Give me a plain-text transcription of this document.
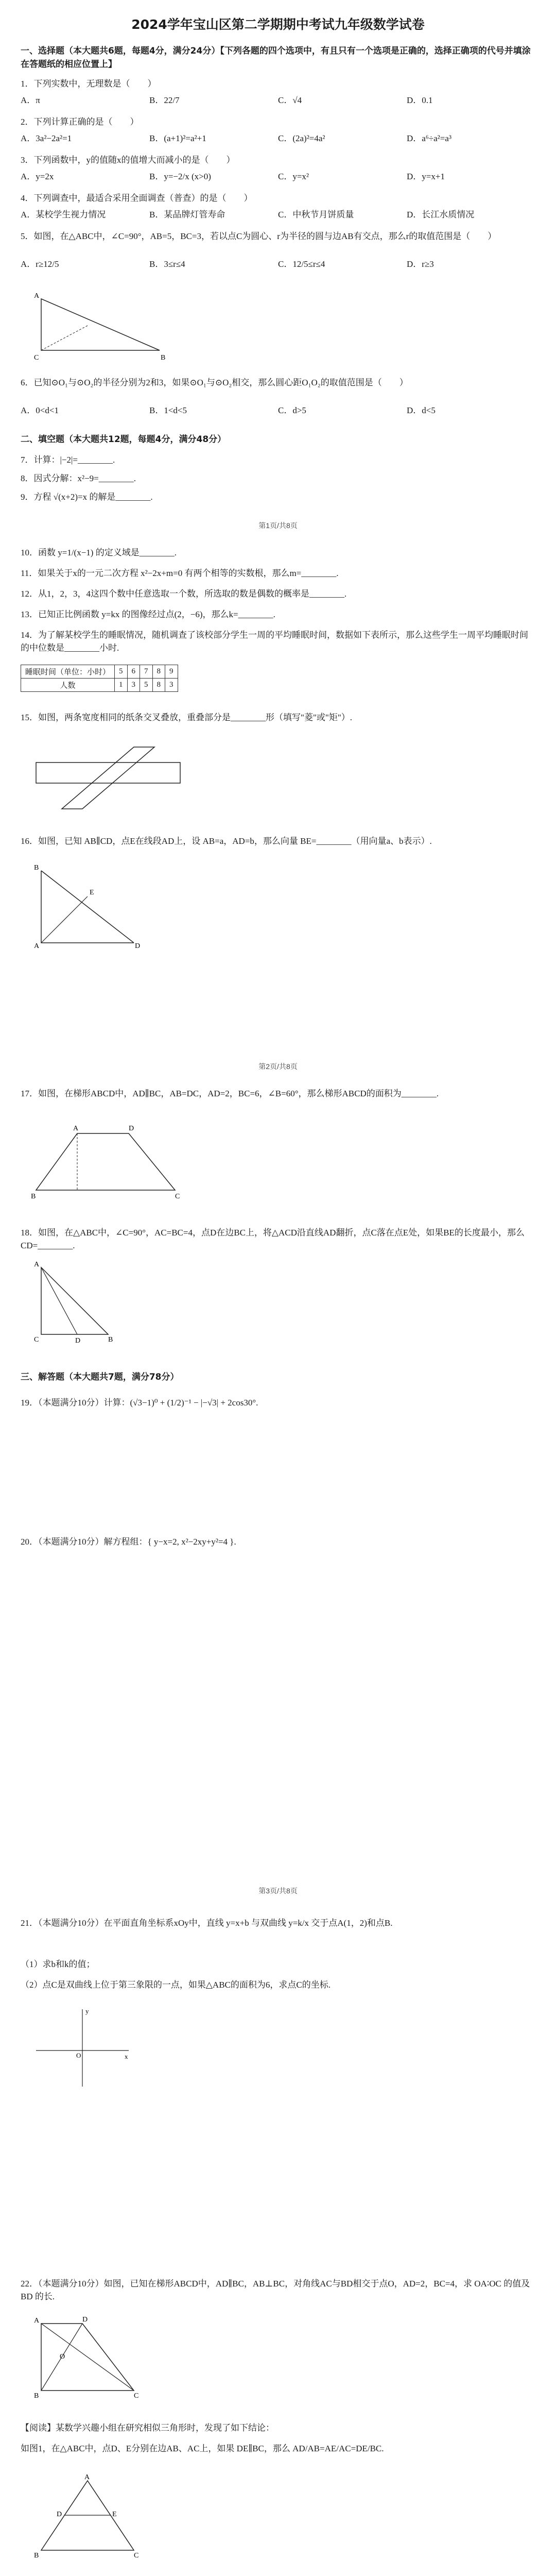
2024学年宝山区第二学期期中考试九年级数学试卷
一、选择题（本大题共6题，每题4分，满分24分）【下列各题的四个选项中，有且只有一个选项是正确的，选择正确项的代号并填涂在答题纸的相应位置上】
1．下列实数中，无理数是（　　）
A．π	B．22/7	C．√4	D．0.1
2．下列计算正确的是（　　）
A．3a²−2a²=1	B．(a+1)²=a²+1	C．(2a)²=4a²	D．a⁶÷a²=a³
3．下列函数中，y的值随x的值增大而减小的是（　　）
A．y=2x	B．y=−2/x (x>0)	C．y=x²	D．y=x+1
4．下列调查中，最适合采用全面调查（普查）的是（　　）
A．某校学生视力情况	B．某品牌灯管寿命	C．中秋节月饼质量	D．长江水质情况
5．如图，在△ABC中，∠C=90°，AB=5，BC=3，若以点C为圆心、r为半径的圆与边AB有交点，那么r的取值范围是（　　）
A．r≥12/5	B．3≤r≤4	C．12/5≤r≤4	D．r≥3
A
C	B
6．已知⊙O₁与⊙O₂的半径分别为2和3，如果⊙O₁与⊙O₂相交，那么圆心距O₁O₂的取值范围是（　　）
A．0<d<1	B．1<d<5	C．d>5	D．d<5
二、填空题（本大题共12题，每题4分，满分48分）
7．计算：|−2|=________.
8．因式分解：x²−9=________.
9．方程 √(x+2)=x 的解是________.
第1页/共8页
10．函数 y=1/(x−1) 的定义域是________.
11．如果关于x的一元二次方程 x²−2x+m=0 有两个相等的实数根，那么m=________.
12．从1，2，3，4这四个数中任意选取一个数，所选取的数是偶数的概率是________.
13．已知正比例函数 y=kx 的图像经过点(2，−6)，那么k=________.
14．为了解某校学生的睡眠情况，随机调查了该校部分学生一周的平均睡眠时间，数据如下表所示，那么这些学生一周平均睡眠时间的中位数是________小时.
睡眠时间（单位：小时）	5	6	7	8	9
人数	1	3	5	8	3
15．如图，两条宽度相同的纸条交叉叠放，重叠部分是________形（填写"菱"或"矩"）.
16．如图，已知 AB∥CD，点E在线段AD上，设 AB=a，AD=b，那么向量 BE=________（用向量a、b表示）.
B
A	D
E
第2页/共8页
17．如图，在梯形ABCD中，AD∥BC，AB=DC，AD=2，BC=6，∠B=60°，那么梯形ABCD的面积为________.
A	D
B	C
18．如图，在△ABC中，∠C=90°，AC=BC=4，点D在边BC上，将△ACD沿直线AD翻折，点C落在点E处，如果BE的长度最小，那么CD=________.
A
C	B
D
三、解答题（本大题共7题，满分78分）
19．（本题满分10分）计算：(√3−1)⁰ + (1/2)⁻¹ − |−√3| + 2cos30°.
20．（本题满分10分）解方程组：{ y−x=2, x²−2xy+y²=4 }.
第3页/共8页
21．（本题满分10分）在平面直角坐标系xOy中，直线 y=x+b 与双曲线 y=k/x 交于点A(1，2)和点B.
（1）求b和k的值；
（2）点C是双曲线上位于第三象限的一点，如果△ABC的面积为6，求点C的坐标.
x
y
O
22．（本题满分10分）如图，已知在梯形ABCD中，AD∥BC，AB⊥BC，对角线AC与BD相交于点O，AD=2，BC=4，求 OA∶OC 的值及 BD 的长.
A	D
B	C
O
【阅读】某数学兴趣小组在研究相似三角形时，发现了如下结论：
如图1，在△ABC中，点D、E分别在边AB、AC上，如果 DE∥BC，那么 AD/AB=AE/AC=DE/BC.
A
B	C
D	E
